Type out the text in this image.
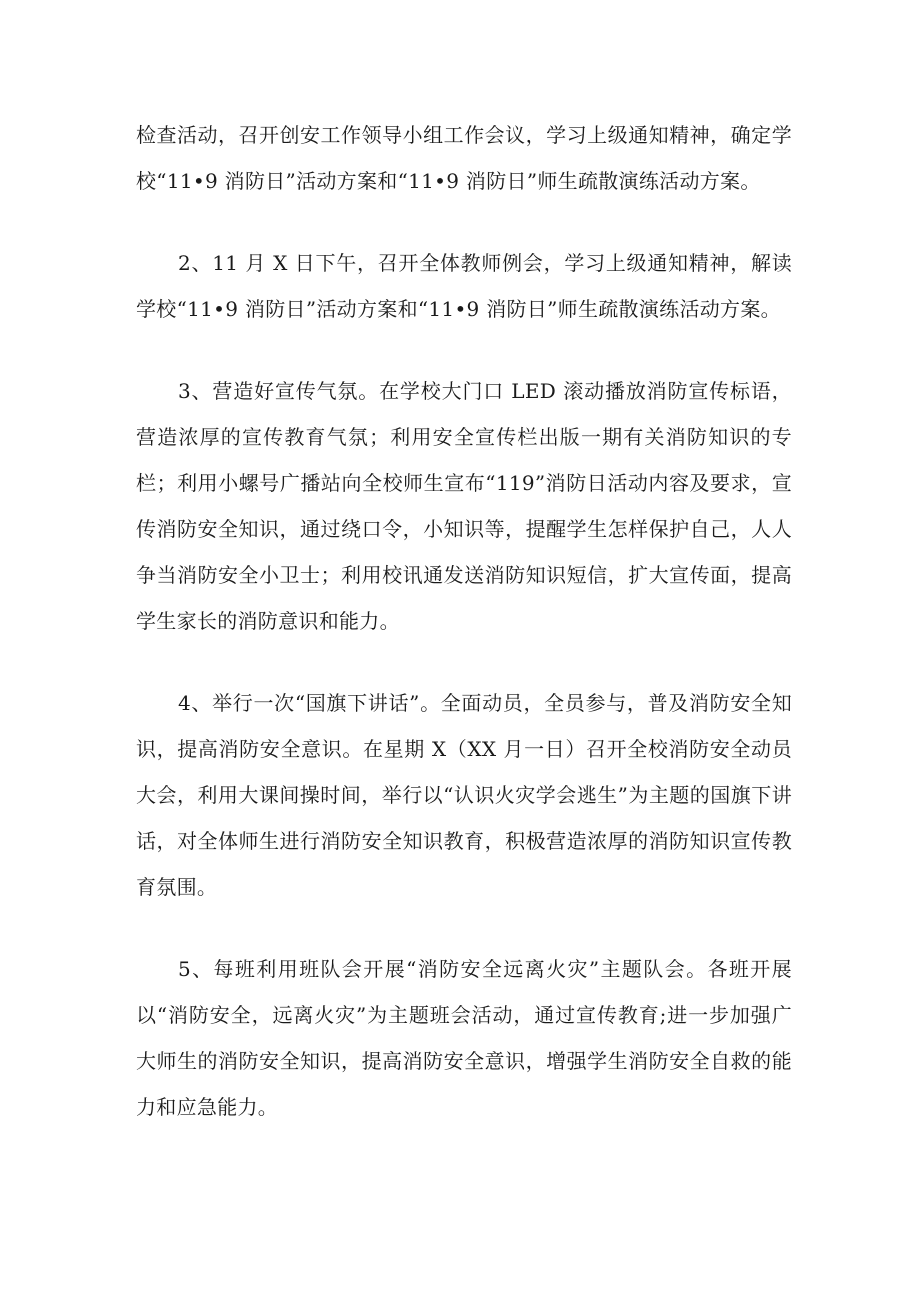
检查活动，召开创安工作领导小组工作会议，学习上级通知精神，确定学校“11•9 消防日”活动方案和“11•9 消防日”师生疏散演练活动方案。

2、11 月 X 日下午，召开全体教师例会，学习上级通知精神，解读学校“11•9 消防日”活动方案和“11•9 消防日”师生疏散演练活动方案。

3、营造好宣传气氛。在学校大门口 LED 滚动播放消防宣传标语，营造浓厚的宣传教育气氛；利用安全宣传栏出版一期有关消防知识的专栏；利用小螺号广播站向全校师生宣布“119”消防日活动内容及要求，宣传消防安全知识，通过绕口令，小知识等，提醒学生怎样保护自己，人人争当消防安全小卫士；利用校讯通发送消防知识短信，扩大宣传面，提高学生家长的消防意识和能力。

4、举行一次“国旗下讲话”。全面动员，全员参与，普及消防安全知识，提高消防安全意识。在星期 X（XX 月一日）召开全校消防安全动员大会，利用大课间操时间，举行以“认识火灾学会逃生”为主题的国旗下讲话，对全体师生进行消防安全知识教育，积极营造浓厚的消防知识宣传教育氛围。

5、每班利用班队会开展“消防安全远离火灾”主题队会。各班开展以“消防安全，远离火灾”为主题班会活动，通过宣传教育;进一步加强广大师生的消防安全知识，提高消防安全意识，增强学生消防安全自救的能力和应急能力。
